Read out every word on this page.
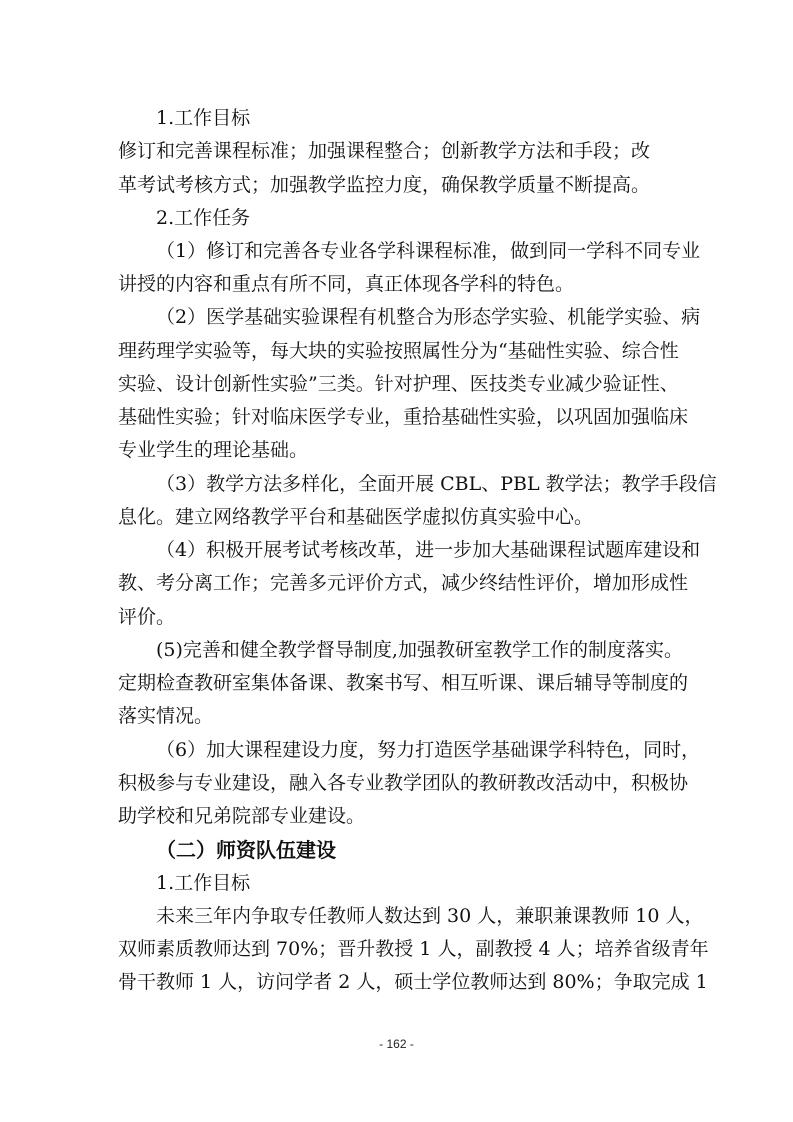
1.工作目标
修订和完善课程标准；加强课程整合；创新教学方法和手段；改
革考试考核方式；加强教学监控力度，确保教学质量不断提高。
2.工作任务
（1）修订和完善各专业各学科课程标准，做到同一学科不同专业
讲授的内容和重点有所不同，真正体现各学科的特色。
（2）医学基础实验课程有机整合为形态学实验、机能学实验、病
理药理学实验等，每大块的实验按照属性分为“基础性实验、综合性
实验、设计创新性实验”三类。针对护理、医技类专业减少验证性、
基础性实验；针对临床医学专业，重拾基础性实验，以巩固加强临床
专业学生的理论基础。
（3）教学方法多样化，全面开展 CBL、PBL 教学法；教学手段信
息化。建立网络教学平台和基础医学虚拟仿真实验中心。
（4）积极开展考试考核改革，进一步加大基础课程试题库建设和
教、考分离工作；完善多元评价方式，减少终结性评价，增加形成性
评价。
(5)完善和健全教学督导制度,加强教研室教学工作的制度落实。
定期检查教研室集体备课、教案书写、相互听课、课后辅导等制度的
落实情况。
（6）加大课程建设力度，努力打造医学基础课学科特色，同时，
积极参与专业建设，融入各专业教学团队的教研教改活动中，积极协
助学校和兄弟院部专业建设。
（二）师资队伍建设
1.工作目标
未来三年内争取专任教师人数达到 30 人，兼职兼课教师 10 人，
双师素质教师达到 70%；晋升教授 1 人，副教授 4 人；培养省级青年
骨干教师 1 人，访问学者 2 人，硕士学位教师达到 80%；争取完成 1
- 162 -
